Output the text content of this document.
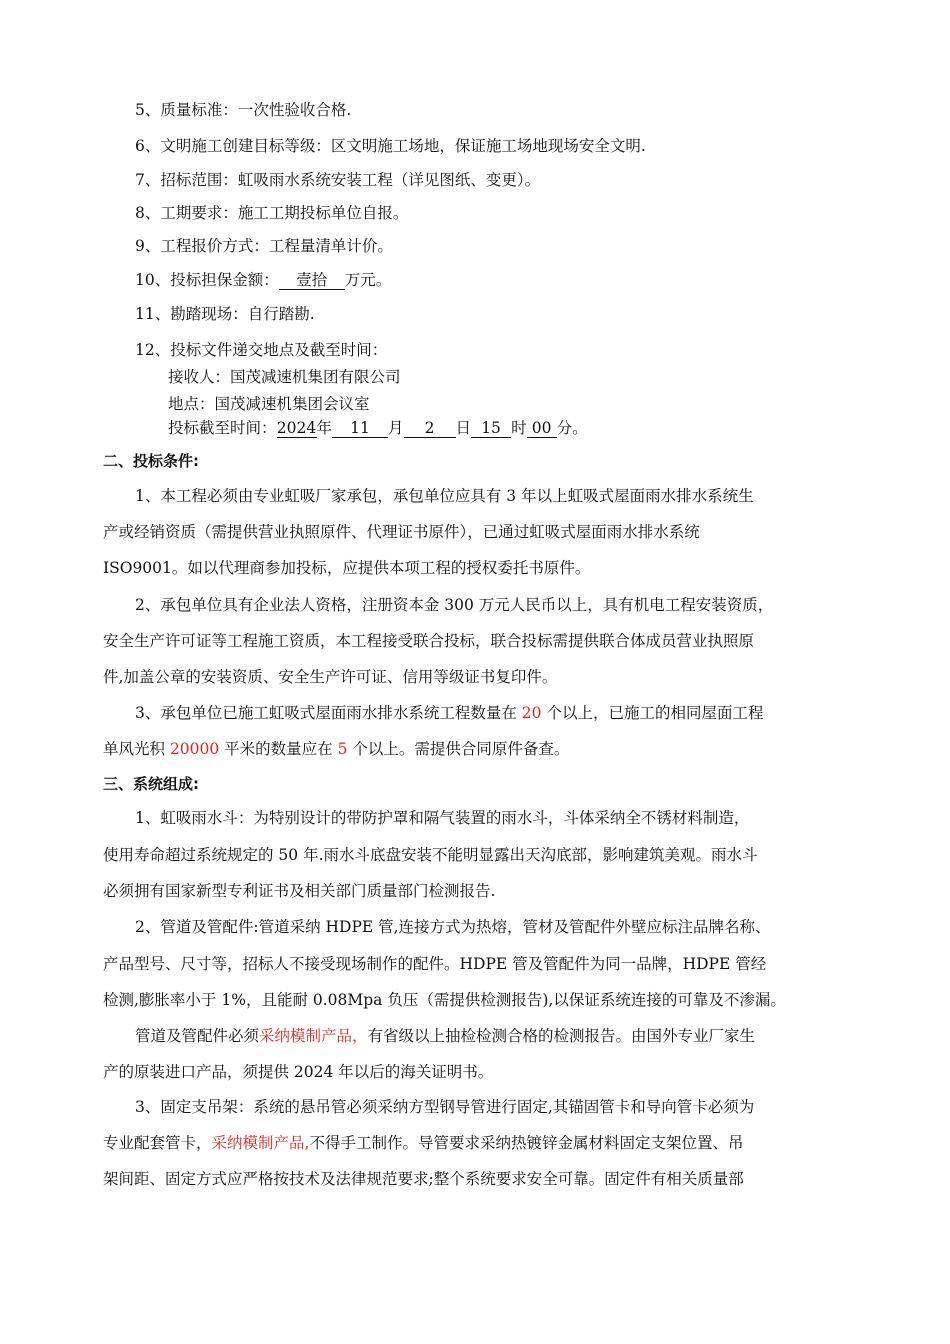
5、质量标准：一次性验收合格.
6、文明施工创建目标等级：区文明施工场地，保证施工场地现场安全文明.
7、招标范围：虹吸雨水系统安装工程（详见图纸、变更）。
8、工期要求：施工工期投标单位自报。
9、工程报价方式：工程量清单计价。
10、投标担保金额： 壹拾 万元。
11、勘踏现场：自行踏勘.
12、投标文件递交地点及截至时间：
接收人：国茂减速机集团有限公司
地点：国茂减速机集团会议室
投标截至时间：2024年 11 月 2 日 15 时 00 分。
二、投标条件:
1、本工程必须由专业虹吸厂家承包，承包单位应具有 3 年以上虹吸式屋面雨水排水系统生
产或经销资质（需提供营业执照原件、代理证书原件），已通过虹吸式屋面雨水排水系统
ISO9001。如以代理商参加投标，应提供本项工程的授权委托书原件。
2、承包单位具有企业法人资格，注册资本金 300 万元人民币以上，具有机电工程安装资质，
安全生产许可证等工程施工资质，本工程接受联合投标，联合投标需提供联合体成员营业执照原
件,加盖公章的安装资质、安全生产许可证、信用等级证书复印件。
3、承包单位已施工虹吸式屋面雨水排水系统工程数量在 20 个以上，已施工的相同屋面工程
单风光积 20000 平米的数量应在 5 个以上。需提供合同原件备查。
三、系统组成:
1、虹吸雨水斗：为特别设计的带防护罩和隔气装置的雨水斗，斗体采纳全不锈材料制造，
使用寿命超过系统规定的 50 年.雨水斗底盘安装不能明显露出天沟底部，影响建筑美观。雨水斗
必须拥有国家新型专利证书及相关部门质量部门检测报告.
2、管道及管配件:管道采纳 HDPE 管,连接方式为热熔，管材及管配件外壁应标注品牌名称、
产品型号、尺寸等，招标人不接受现场制作的配件。HDPE 管及管配件为同一品牌，HDPE 管经
检测,膨胀率小于 1%，且能耐 0.08Mpa 负压（需提供检测报告),以保证系统连接的可靠及不渗漏。
管道及管配件必须采纳模制产品，有省级以上抽检检测合格的检测报告。由国外专业厂家生
产的原装进口产品，须提供 2024 年以后的海关证明书。
3、固定支吊架：系统的悬吊管必须采纳方型钢导管进行固定,其锚固管卡和导向管卡必须为
专业配套管卡，采纳模制产品,不得手工制作。导管要求采纳热镀锌金属材料固定支架位置、吊
架间距、固定方式应严格按技术及法律规范要求;整个系统要求安全可靠。固定件有相关质量部
